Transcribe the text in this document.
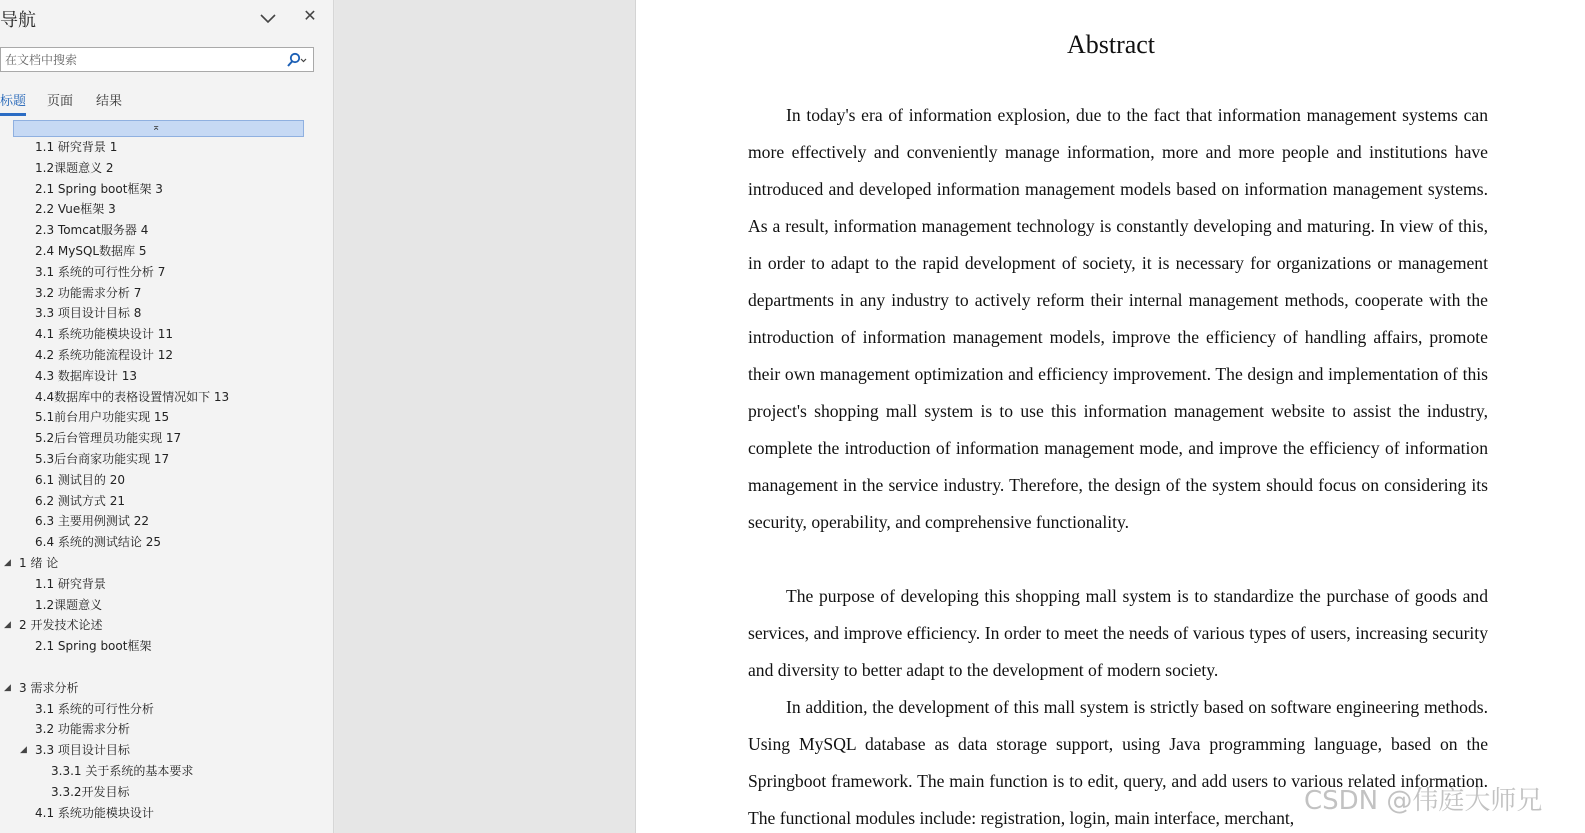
导航	✕
在文档中搜索
标题 页面 结果
⌅
1.1 研究背景 1
1.2课题意义 2
2.1 Spring boot框架 3
2.2 Vue框架 3
2.3 Tomcat服务器 4
2.4 MySQL数据库 5
3.1 系统的可行性分析 7
3.2 功能需求分析 7
3.3 项目设计目标 8
4.1 系统功能模块设计 11
4.2 系统功能流程设计 12
4.3 数据库设计 13
4.4数据库中的表格设置情况如下 13
5.1前台用户功能实现 15
5.2后台管理员功能实现 17
5.3后台商家功能实现 17
6.1 测试目的 20
6.2 测试方式 21
6.3 主要用例测试 22
6.4 系统的测试结论 25
◢ 1 绪 论
1.1 研究背景
1.2课题意义
◢ 2 开发技术论述
2.1 Spring boot框架
◢ 3 需求分析
3.1 系统的可行性分析
3.2 功能需求分析
◢ 3.3 项目设计目标
3.3.1 关于系统的基本要求
3.3.2开发目标
4.1 系统功能模块设计
Abstract

In today's era of information explosion, due to the fact that information management systems can more effectively and conveniently manage information, more and more people and institutions have introduced and developed information management models based on information management systems. As a result, information management technology is constantly developing and maturing. In view of this, in order to adapt to the rapid development of society, it is necessary for organizations or management departments in any industry to actively reform their internal management methods, cooperate with the introduction of information management models, improve the efficiency of handling affairs, promote their own management optimization and efficiency improvement. The design and implementation of this project's shopping mall system is to use this information management website to assist the industry, complete the introduction of information management mode, and improve the efficiency of information management in the service industry. Therefore, the design of the system should focus on considering its security, operability, and comprehensive functionality.

The purpose of developing this shopping mall system is to standardize the purchase of goods and services, and improve efficiency. In order to meet the needs of various types of users, increasing security and diversity to better adapt to the development of modern society.

In addition, the development of this mall system is strictly based on software engineering methods. Using MySQL database as data storage support, using Java programming language, based on the Springboot framework. The main function is to edit, query, and add users to various related information. The functional modules include: registration, login, main interface, merchant,

CSDN @伟庭大师兄
